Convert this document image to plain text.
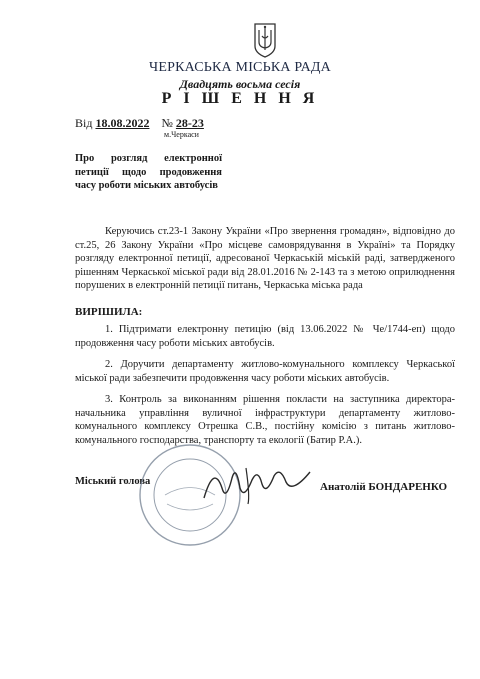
ЧЕРКАСЬКА МІСЬКА РАДА
Двадцять восьма сесія
Р І Ш Е Н Н Я
Від 18.08.2022 № 28-23
м.Черкаси
Про розгляд електронної петиції щодо продовження часу роботи міських автобусів
Керуючись ст.23-1 Закону України «Про звернення громадян», відповідно до ст.25, 26 Закону України «Про місцеве самоврядування в Україні» та Порядку розгляду електронної петиції, адресованої Черкаській міській раді, затвердженого рішенням Черкаської міської ради від 28.01.2016 № 2-143 та з метою оприлюднення порушених в електронній петиції питань, Черкаська міська рада
ВИРІШИЛА:
1. Підтримати електронну петицію (від 13.06.2022 № Че/1744-еп) щодо продовження часу роботи міських автобусів.
2. Доручити департаменту житлово-комунального комплексу Черкаської міської ради забезпечити продовження часу роботи міських автобусів.
3. Контроль за виконанням рішення покласти на заступника директора-начальника управління вуличної інфраструктури департаменту житлово-комунального комплексу Отрешка С.В., постійну комісію з питань житлово-комунального господарства, транспорту та екології (Батир Р.А.).
Міський голова	Анатолій БОНДАРЕНКО
